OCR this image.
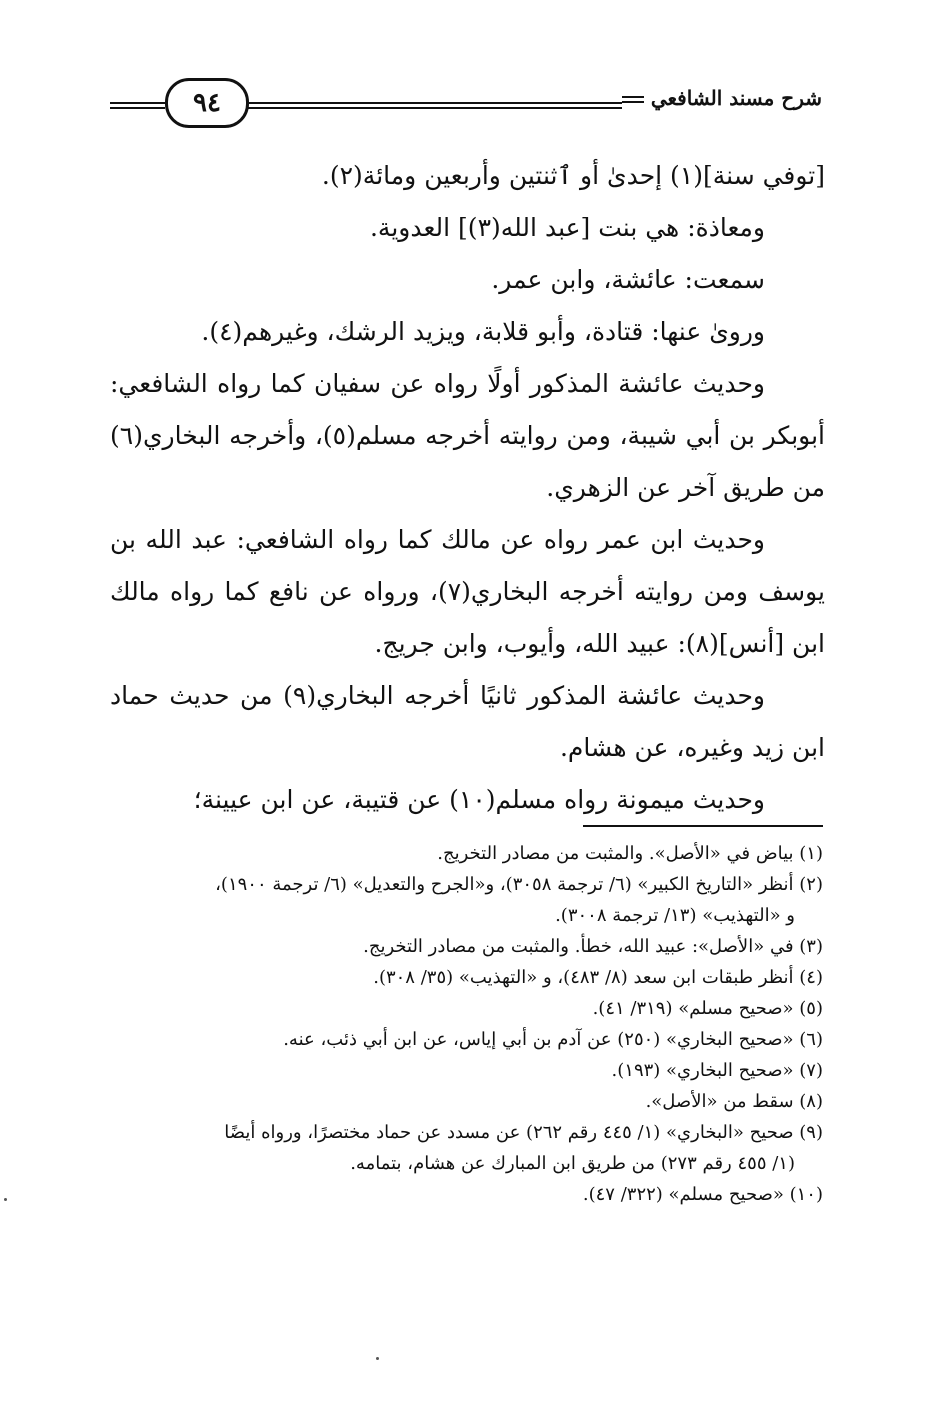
شرح مسند الشافعي
٩٤
[توفي سنة](١) إحدىٰ أو ٱثنتين وأربعين ومائة(٢).
ومعاذة: هي بنت [عبد الله(٣)] العدوية.
سمعت: عائشة، وابن عمر.
ورویٰ عنها: قتادة، وأبو قلابة، ويزيد الرشك، وغيرهم(٤).
وحديث عائشة المذكور أولًا رواه عن سفيان كما رواه الشافعي:
أبوبكر بن أبي شيبة، ومن روايته أخرجه مسلم(٥)، وأخرجه البخاري(٦)
من طريق آخر عن الزهري.
وحديث ابن عمر رواه عن مالك كما رواه الشافعي: عبد الله بن
يوسف ومن روايته أخرجه البخاري(٧)، ورواه عن نافع كما رواه مالك
ابن [أنس](٨): عبيد الله، وأيوب، وابن جريج.
وحديث عائشة المذكور ثانيًا أخرجه البخاري(٩) من حديث حماد
ابن زيد وغيره، عن هشام.
وحديث ميمونة رواه مسلم(١٠) عن قتيبة، عن ابن عيينة؛
(١) بياض في «الأصل». والمثبت من مصادر التخريج.
(٢) أنظر «التاريخ الكبير» (٦/ ترجمة ٣٠٥٨)، و«الجرح والتعديل» (٦/ ترجمة ١٩٠٠)،
و «التهذيب» (١٣/ ترجمة ٣٠٠٨).
(٣) في «الأصل»: عبيد الله، خطأ. والمثبت من مصادر التخريج.
(٤) أنظر طبقات ابن سعد (٨/ ٤٨٣)، و «التهذيب» (٣٥/ ٣٠٨).
(٥) «صحيح مسلم» (٣١٩/ ٤١).
(٦) «صحيح البخاري» (٢٥٠) عن آدم بن أبي إياس، عن ابن أبي ذئب، عنه.
(٧) «صحيح البخاري» (١٩٣).
(٨) سقط من «الأصل».
(٩) صحيح «البخاري» (١/ ٤٤٥ رقم ٢٦٢) عن مسدد عن حماد مختصرًا، ورواه أيضًا
(١/ ٤٥٥ رقم ٢٧٣) من طريق ابن المبارك عن هشام، بتمامه.
(١٠) «صحيح مسلم» (٣٢٢/ ٤٧).
